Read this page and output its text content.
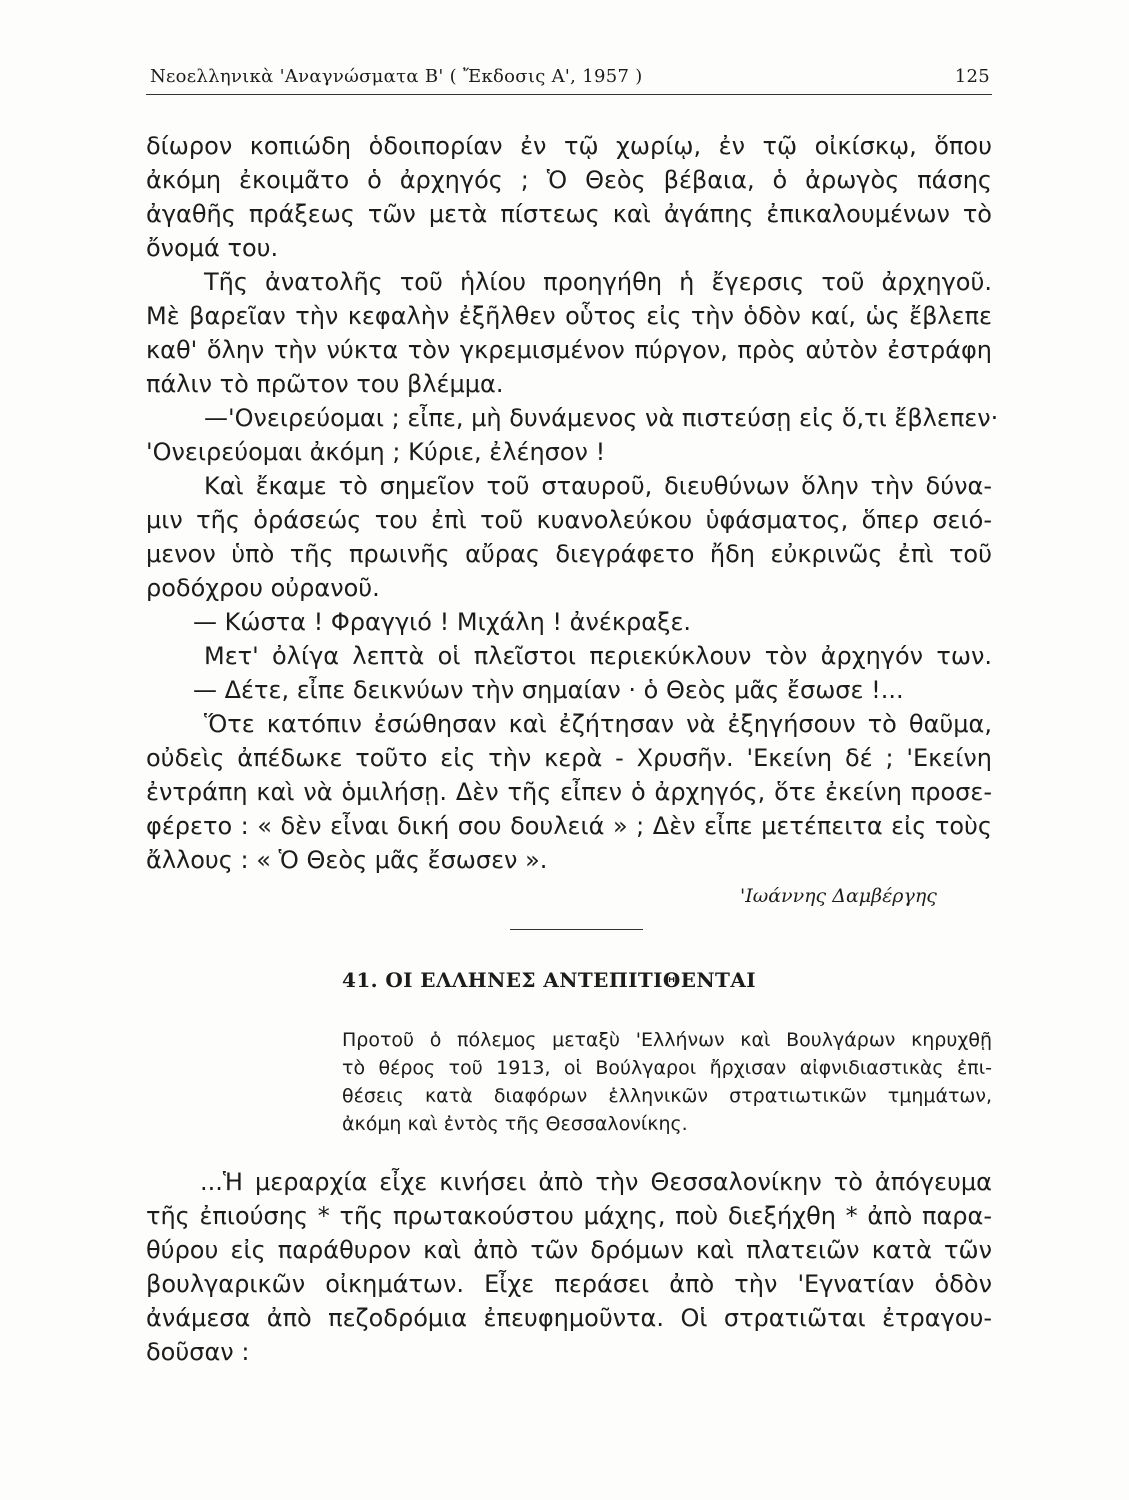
Νεοελληνικὰ 'Αναγνώσματα Β' ( Ἔκδοσις Α', 1957 )	125
δίωρον κοπιώδη ὁδοιπορίαν ἐν τῷ χωρίῳ, ἐν τῷ οἰκίσκῳ, ὅπου
ἀκόμη ἐκοιμᾶτο ὁ ἀρχηγός ; Ὁ Θεὸς βέβαια, ὁ ἀρωγὸς πάσης
ἀγαθῆς πράξεως τῶν μετὰ πίστεως καὶ ἀγάπης ἐπικαλουμένων τὸ
ὄνομά του.
Τῆς ἀνατολῆς τοῦ ἡλίου προηγήθη ἡ ἔγερσις τοῦ ἀρχηγοῦ.
Μὲ βαρεῖαν τὴν κεφαλὴν ἐξῆλθεν οὗτος εἰς τὴν ὁδὸν καί, ὡς ἔβλεπε
καθ' ὅλην τὴν νύκτα τὸν γκρεμισμένον πύργον, πρὸς αὐτὸν ἐστράφη
πάλιν τὸ πρῶτον του βλέμμα.
—'Ονειρεύομαι ; εἶπε, μὴ δυνάμενος νὰ πιστεύσῃ εἰς ὅ,τι ἔβλεπεν·
'Ονειρεύομαι ἀκόμη ; Κύριε, ἐλέησον !
Καὶ ἔκαμε τὸ σημεῖον τοῦ σταυροῦ, διευθύνων ὅλην τὴν δύνα-
μιν τῆς ὁράσεώς του ἐπὶ τοῦ κυανολεύκου ὑφάσματος, ὅπερ σειό-
μενον ὑπὸ τῆς πρωινῆς αὔρας διεγράφετο ἤδη εὐκρινῶς ἐπὶ τοῦ
ροδόχρου οὐρανοῦ.
— Κώστα ! Φραγγιό ! Μιχάλη ! ἀνέκραξε.
Μετ' ὀλίγα λεπτὰ οἱ πλεῖστοι περιεκύκλουν τὸν ἀρχηγόν των.
— Δέτε, εἶπε δεικνύων τὴν σημαίαν · ὁ Θεὸς μᾶς ἔσωσε !...
Ὅτε κατόπιν ἐσώθησαν καὶ ἐζήτησαν νὰ ἐξηγήσουν τὸ θαῦμα,
οὐδεὶς ἀπέδωκε τοῦτο εἰς τὴν κερὰ - Χρυσῆν. 'Εκείνη δέ ; 'Εκείνη
ἐντράπη καὶ νὰ ὁμιλήσῃ. Δὲν τῆς εἶπεν ὁ ἀρχηγός, ὅτε ἐκείνη προσε-
φέρετο : « δὲν εἶναι δική σου δουλειά » ; Δὲν εἶπε μετέπειτα εἰς τοὺς
ἄλλους : « Ὁ Θεὸς μᾶς ἔσωσεν ».
'Ιωάννης Δαμβέργης
41. ΟΙ ΕΛΛΗΝΕΣ ΑΝΤΕΠΙΤΙΘΕΝΤΑΙ
Προτοῦ ὁ πόλεμος μεταξὺ 'Ελλήνων καὶ Βουλγάρων κηρυχθῇ
τὸ θέρος τοῦ 1913, οἱ Βούλγαροι ἤρχισαν αἰφνιδιαστικὰς ἐπι-
θέσεις κατὰ διαφόρων ἑλληνικῶν στρατιωτικῶν τμημάτων,
ἀκόμη καὶ ἐντὸς τῆς Θεσσαλονίκης.
...Ἡ μεραρχία εἶχε κινήσει ἀπὸ τὴν Θεσσαλονίκην τὸ ἀπόγευμα
τῆς ἐπιούσης * τῆς πρωτακούστου μάχης, ποὺ διεξήχθη * ἀπὸ παρα-
θύρου εἰς παράθυρον καὶ ἀπὸ τῶν δρόμων καὶ πλατειῶν κατὰ τῶν
βουλγαρικῶν οἰκημάτων. Εἶχε περάσει ἀπὸ τὴν 'Εγνατίαν ὁδὸν
ἀνάμεσα ἀπὸ πεζοδρόμια ἐπευφημοῦντα. Οἱ στρατιῶται ἐτραγου-
δοῦσαν :
